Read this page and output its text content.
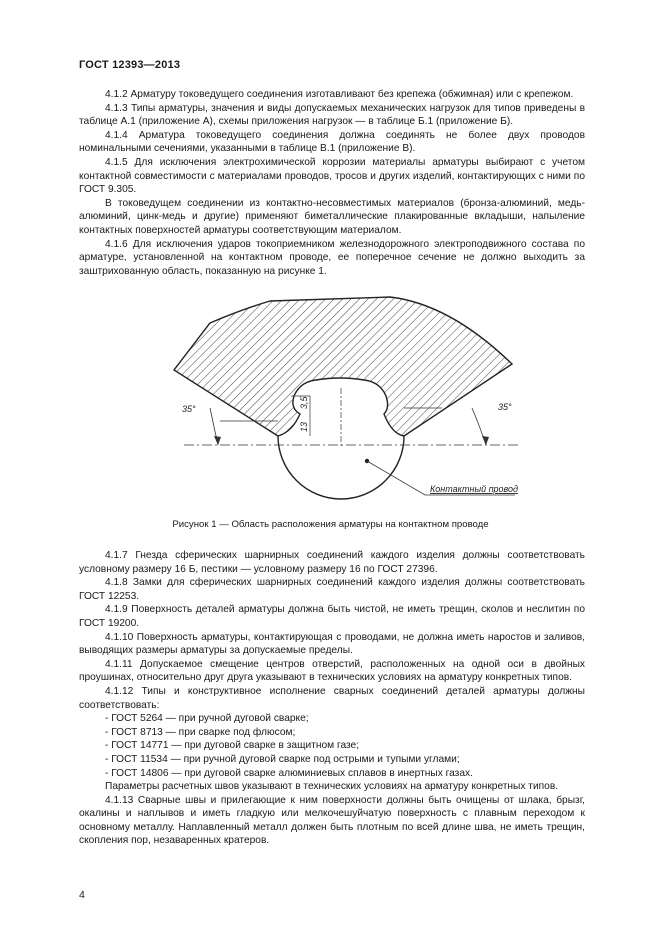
ГОСТ 12393—2013

4.1.2 Арматуру токоведущего соединения изготавливают без крепежа (обжимная) или с крепежом.

4.1.3 Типы арматуры, значения и виды допускаемых механических нагрузок для типов приведены в таблице А.1 (приложение А), схемы приложения нагрузок — в таблице Б.1 (приложение Б).

4.1.4 Арматура токоведущего соединения должна соединять не более двух проводов номинальными сечениями, указанными в таблице В.1 (приложение В).

4.1.5 Для исключения электрохимической коррозии материалы арматуры выбирают с учетом контактной совместимости с материалами проводов, тросов и других изделий, контактирующих с ними по ГОСТ 9.305.

В токоведущем соединении из контактно-несовместимых материалов (бронза-алюминий, медь-алюминий, цинк-медь и другие) применяют биметаллические плакированные вкладыши, напыление контактных поверхностей арматуры соответствующим материалом.

4.1.6 Для исключения ударов токоприемником железнодорожного электроподвижного состава по арматуре, установленной на контактном проводе, ее поперечное сечение не должно выходить за заштрихованную область, показанную на рисунке 1.

35°	35°
3,5
13
Контактный провод
Рисунок 1 — Область расположения арматуры на контактном проводе

4.1.7 Гнезда сферических шарнирных соединений каждого изделия должны соответствовать условному размеру 16 Б, пестики — условному размеру 16 по ГОСТ 27396.

4.1.8 Замки для сферических шарнирных соединений каждого изделия должны соответствовать ГОСТ 12253.

4.1.9 Поверхность деталей арматуры должна быть чистой, не иметь трещин, сколов и неслитин по ГОСТ 19200.

4.1.10 Поверхность арматуры, контактирующая с проводами, не должна иметь наростов и заливов, выводящих размеры арматуры за допускаемые пределы.

4.1.11 Допускаемое смещение центров отверстий, расположенных на одной оси в двойных проушинах, относительно друг друга указывают в технических условиях на арматуру конкретных типов.

4.1.12 Типы и конструктивное исполнение сварных соединений деталей арматуры должны соответствовать:

- ГОСТ 5264 — при ручной дуговой сварке;

- ГОСТ 8713 — при сварке под флюсом;

- ГОСТ 14771 — при дуговой сварке в защитном газе;

- ГОСТ 11534 — при ручной дуговой сварке под острыми и тупыми углами;

- ГОСТ 14806 — при дуговой сварке алюминиевых сплавов в инертных газах.

Параметры расчетных швов указывают в технических условиях на арматуру конкретных типов.

4.1.13 Сварные швы и прилегающие к ним поверхности должны быть очищены от шлака, брызг, окалины и наплывов и иметь гладкую или мелкочешуйчатую поверхность с плавным переходом к основному металлу. Наплавленный металл должен быть плотным по всей длине шва, не иметь трещин, скопления пор, незаваренных кратеров.

4
